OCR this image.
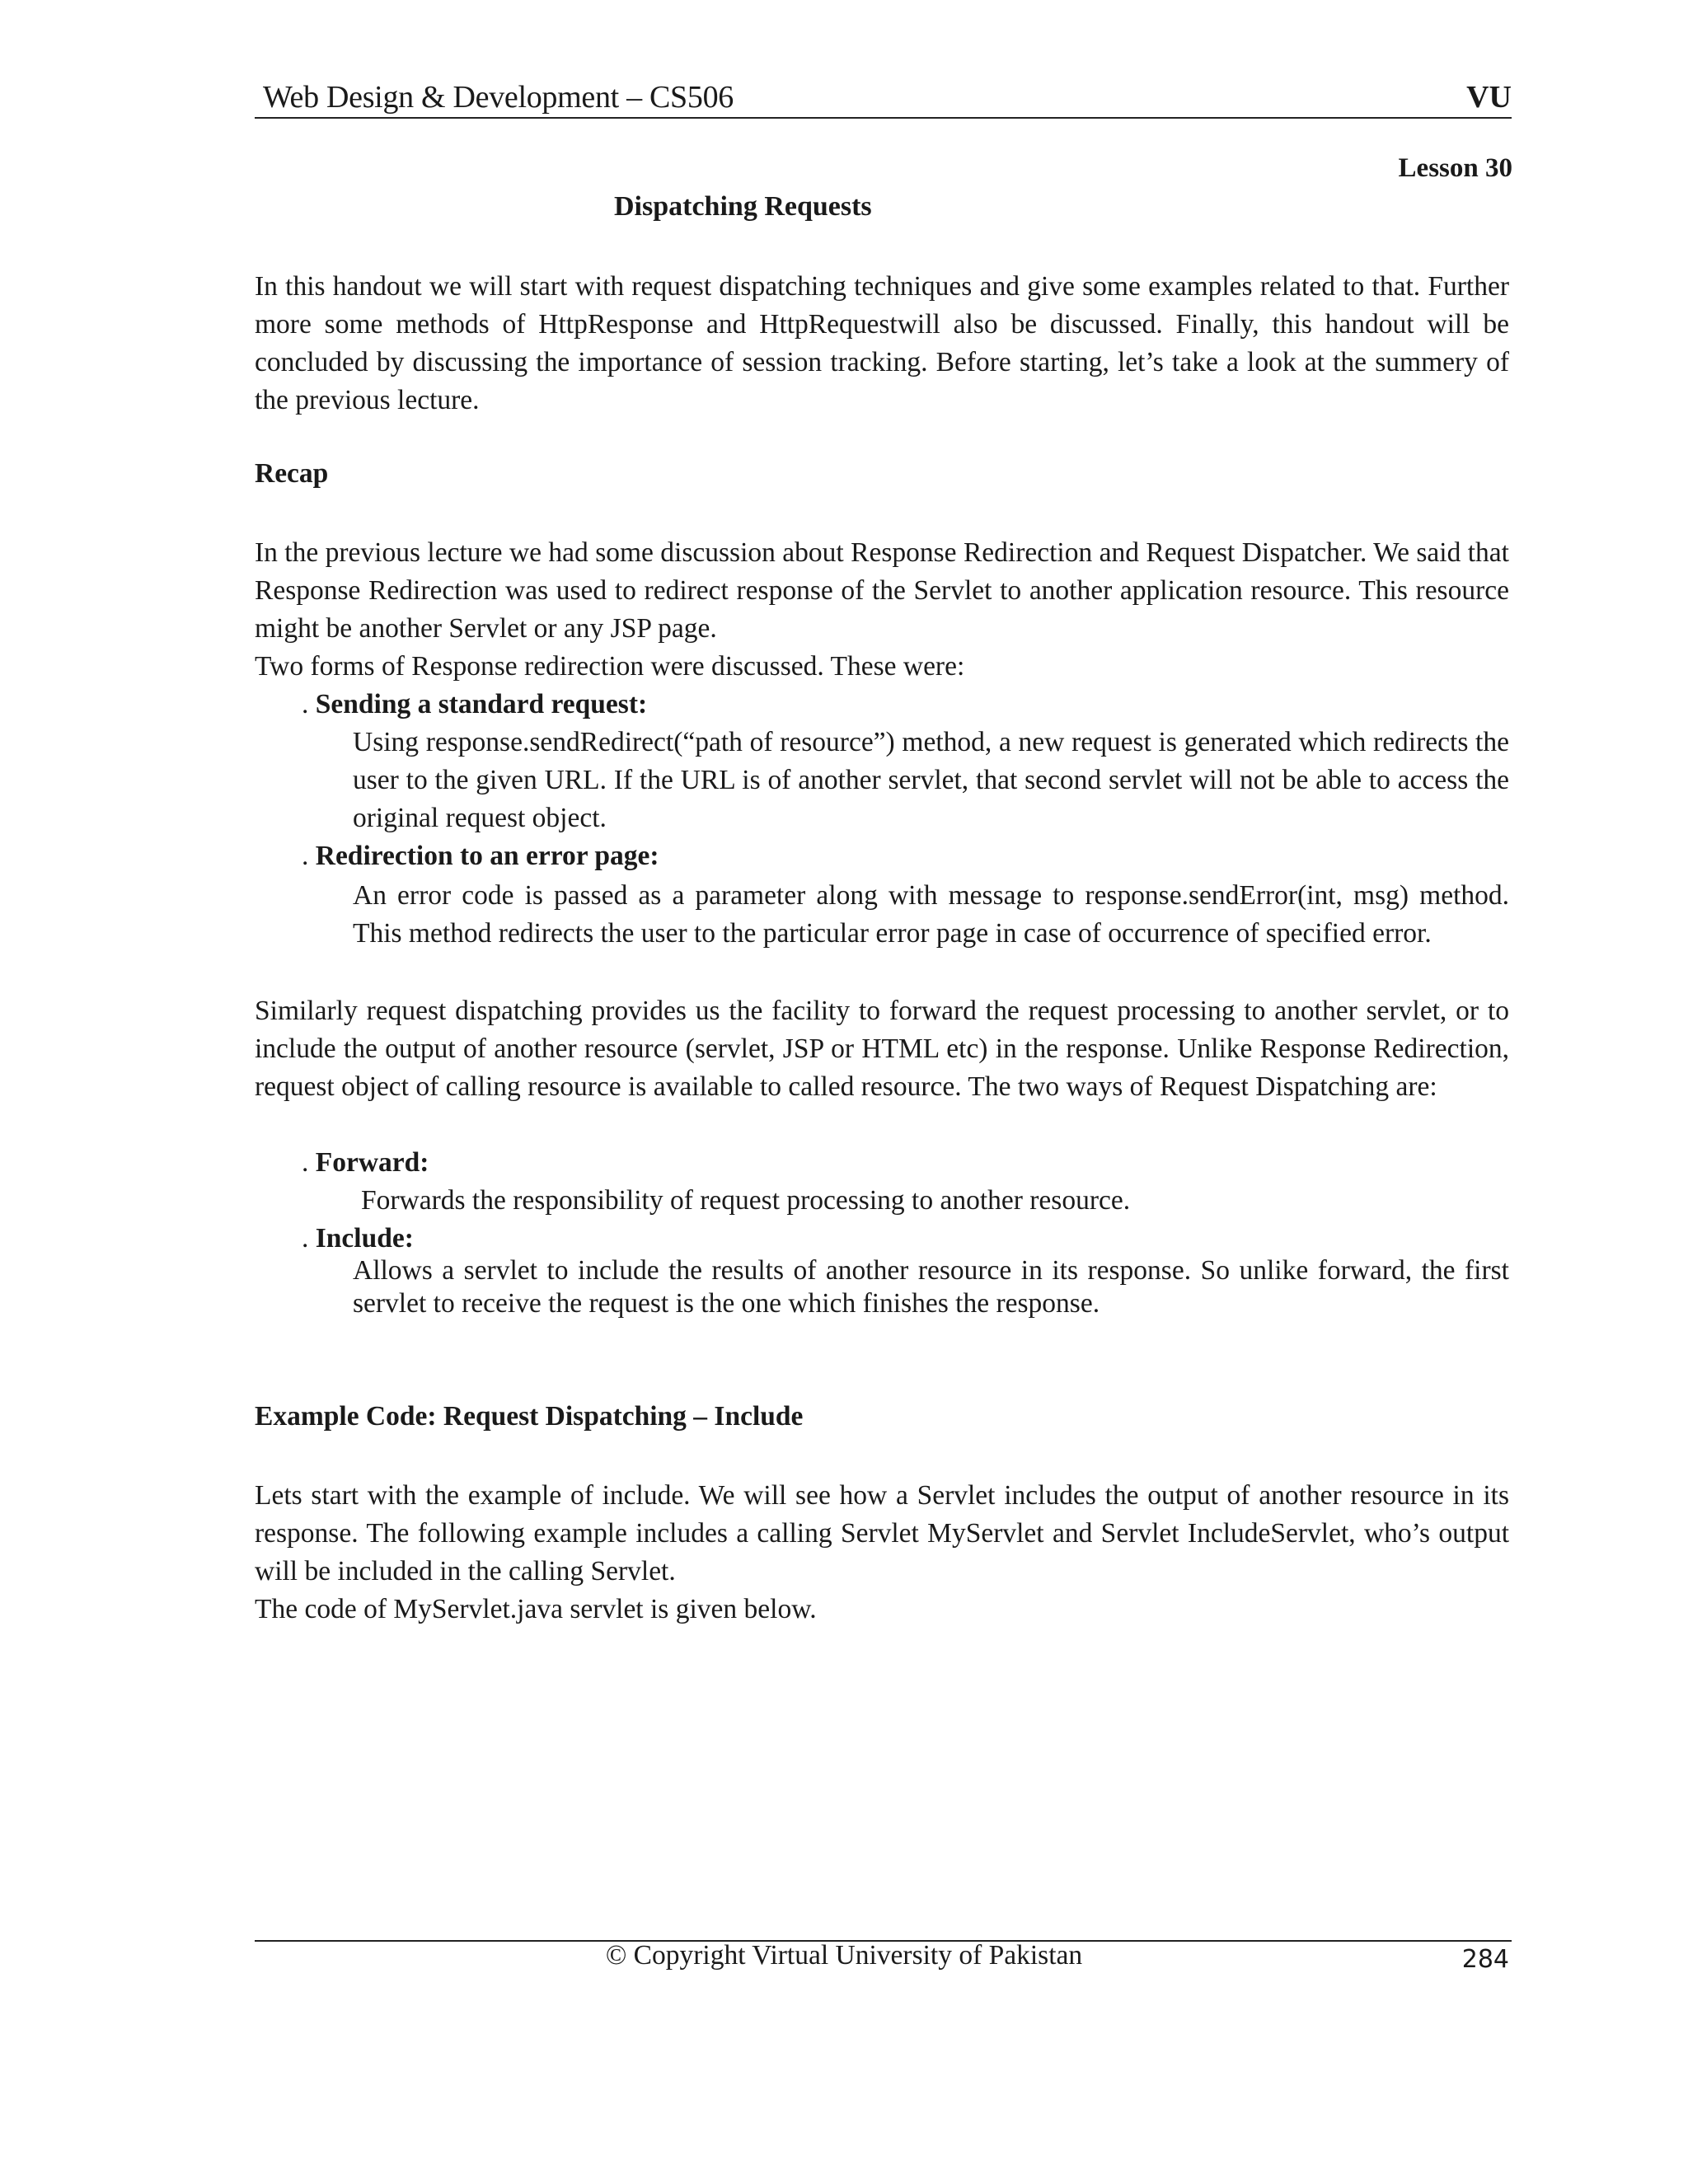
Web Design & Development – CS506	VU
Lesson 30
Dispatching Requests

In this handout we will start with request dispatching techniques and give some examples related to that. Further more some methods of HttpResponse and HttpRequestwill also be discussed. Finally, this handout will be concluded by discussing the importance of session tracking. Before starting, let’s take a look at the summery of the previous lecture.

Recap

In the previous lecture we had some discussion about Response Redirection and Request Dispatcher. We said that Response Redirection was used to redirect response of the Servlet to another application resource. This resource might be another Servlet or any JSP page.

Two forms of Response redirection were discussed. These were:

. Sending a standard request:

Using response.sendRedirect(“path of resource”) method, a new request is generated which redirects the user to the given URL. If the URL is of another servlet, that second servlet will not be able to access the original request object.

. Redirection to an error page:

An error code is passed as a parameter along with message to response.sendError(int, msg) method. This method redirects the user to the particular error page in case of occurrence of specified error.

Similarly request dispatching provides us the facility to forward the request processing to another servlet, or to include the output of another resource (servlet, JSP or HTML etc) in the response. Unlike Response Redirection, request object of calling resource is available to called resource. The two ways of Request Dispatching are:

. Forward:

Forwards the responsibility of request processing to another resource.

. Include:

Allows a servlet to include the results of another resource in its response. So unlike forward, the first servlet to receive the request is the one which finishes the response.

Example Code: Request Dispatching – Include

Lets start with the example of include. We will see how a Servlet includes the output of another resource in its response. The following example includes a calling Servlet MyServlet and Servlet IncludeServlet, who’s output will be included in the calling Servlet.

The code of MyServlet.java servlet is given below.

© Copyright Virtual University of Pakistan	284
